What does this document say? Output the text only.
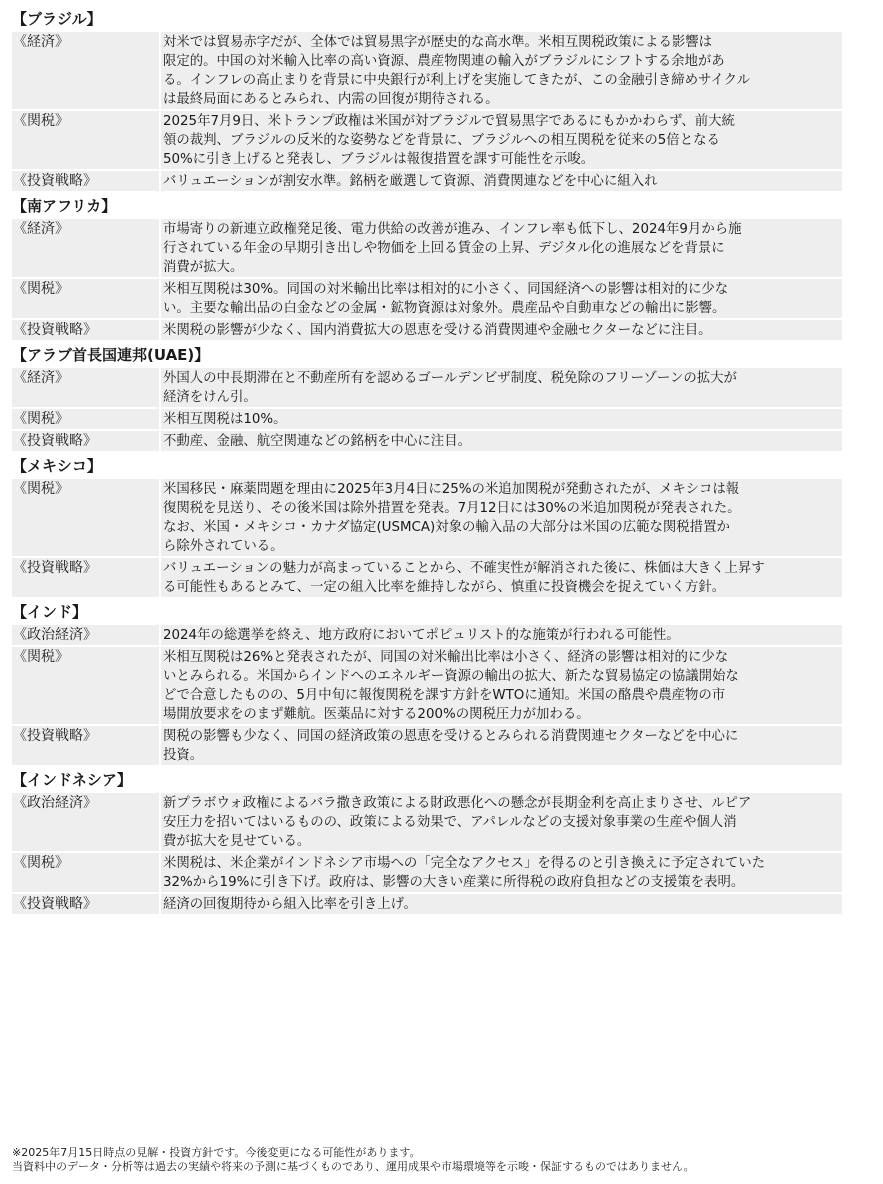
【ブラジル】
《経済》	対米では貿易赤字だが、全体では貿易黒字が歴史的な高水準。米相互関税政策による影響は
限定的。中国の対米輸入比率の高い資源、農産物関連の輸入がブラジルにシフトする余地があ
る。インフレの高止まりを背景に中央銀行が利上げを実施してきたが、この金融引き締めサイクル
は最終局面にあるとみられ、内需の回復が期待される。
《関税》	2025年7月9日、米トランプ政権は米国が対ブラジルで貿易黒字であるにもかかわらず、前大統
領の裁判、ブラジルの反米的な姿勢などを背景に、ブラジルへの相互関税を従来の5倍となる
50%に引き上げると発表し、ブラジルは報復措置を課す可能性を示唆。
《投資戦略》	バリュエーションが割安水準。銘柄を厳選して資源、消費関連などを中心に組入れ
【南アフリカ】
《経済》	市場寄りの新連立政権発足後、電力供給の改善が進み、インフレ率も低下し、2024年9月から施
行されている年金の早期引き出しや物価を上回る賃金の上昇、デジタル化の進展などを背景に
消費が拡大。
《関税》	米相互関税は30%。同国の対米輸出比率は相対的に小さく、同国経済への影響は相対的に少な
い。主要な輸出品の白金などの金属・鉱物資源は対象外。農産品や自動車などの輸出に影響。
《投資戦略》	米関税の影響が少なく、国内消費拡大の恩恵を受ける消費関連や金融セクターなどに注目。
【アラブ首長国連邦(UAE)】
《経済》	外国人の中長期滞在と不動産所有を認めるゴールデンビザ制度、税免除のフリーゾーンの拡大が
経済をけん引。
《関税》	米相互関税は10%。
《投資戦略》	不動産、金融、航空関連などの銘柄を中心に注目。
【メキシコ】
《関税》	米国移民・麻薬問題を理由に2025年3月4日に25%の米追加関税が発動されたが、メキシコは報
復関税を見送り、その後米国は除外措置を発表。7月12日には30%の米追加関税が発表された。
なお、米国・メキシコ・カナダ協定(USMCA)対象の輸入品の大部分は米国の広範な関税措置か
ら除外されている。
《投資戦略》	バリュエーションの魅力が高まっていることから、不確実性が解消された後に、株価は大きく上昇す
る可能性もあるとみて、一定の組入比率を維持しながら、慎重に投資機会を捉えていく方針。
【インド】
《政治経済》	2024年の総選挙を終え、地方政府においてポピュリスト的な施策が行われる可能性。
《関税》	米相互関税は26%と発表されたが、同国の対米輸出比率は小さく、経済の影響は相対的に少な
いとみられる。米国からインドへのエネルギー資源の輸出の拡大、新たな貿易協定の協議開始な
どで合意したものの、5月中旬に報復関税を課す方針をWTOに通知。米国の酪農や農産物の市
場開放要求をのまず難航。医薬品に対する200%の関税圧力が加わる。
《投資戦略》	関税の影響も少なく、同国の経済政策の恩恵を受けるとみられる消費関連セクターなどを中心に
投資。
【インドネシア】
《政治経済》	新プラボウォ政権によるバラ撒き政策による財政悪化への懸念が長期金利を高止まりさせ、ルピア
安圧力を招いてはいるものの、政策による効果で、アパレルなどの支援対象事業の生産や個人消
費が拡大を見せている。
《関税》	米関税は、米企業がインドネシア市場への「完全なアクセス」を得るのと引き換えに予定されていた
32%から19%に引き下げ。政府は、影響の大きい産業に所得税の政府負担などの支援策を表明。
《投資戦略》	経済の回復期待から組入比率を引き上げ。
※2025年7月15日時点の見解・投資方針です。今後変更になる可能性があります。
当資料中のデータ・分析等は過去の実績や将来の予測に基づくものであり、運用成果や市場環境等を示唆・保証するものではありません。
